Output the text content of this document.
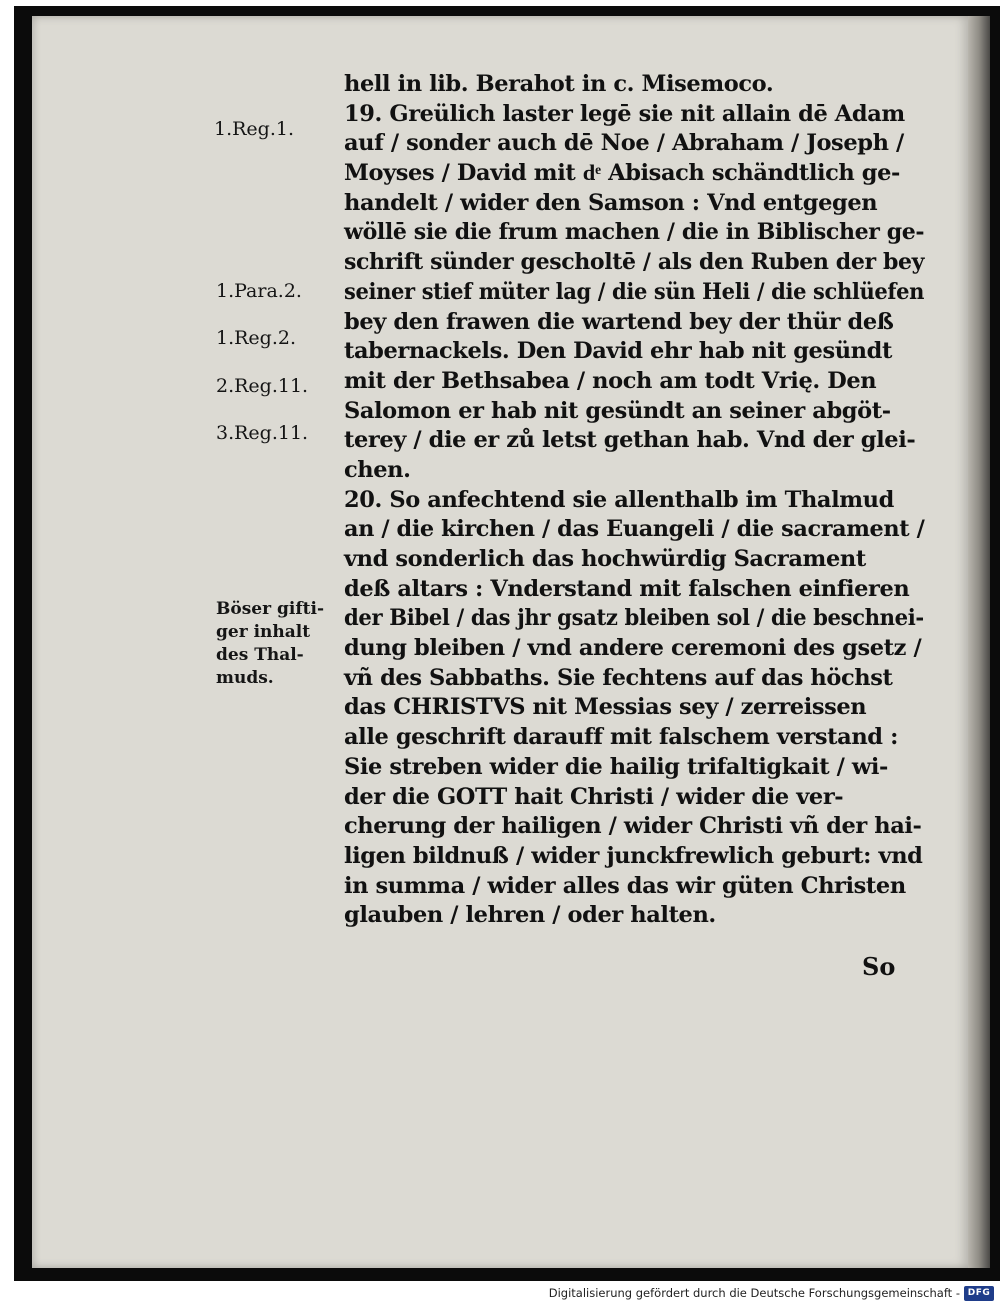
1.Reg.1.
1.Para.2.
1.Reg.2.
2.Reg.11.
3.Reg.11.
Böser gifti-
ger inhalt
des Thal-
muds.
hell in lib. Berahot in c. Misemoco.
19. Greülich laster legē sie nit allain dē Adam
auf / sonder auch dē Noe / Abraham / Joseph /
Moyses / David mit dͤ Abisach schändtlich ge-
handelt / wider den Samson : Vnd entgegen
wöllē sie die frum machen / die in Biblischer ge-
schrift sünder gescholtē / als den Ruben der bey
seiner stief müter lag / die sün Heli / die schlüefen
bey den frawen die wartend bey der thür deß
tabernackels. Den David ehr hab nit gesündt
mit der Bethsabea / noch am todt Vrię. Den
Salomon er hab nit gesündt an seiner abgöt-
terey / die er zů letst gethan hab. Vnd der glei-
chen.
20. So anfechtend sie allenthalb im Thalmud
an / die kirchen / das Euangeli / die sacrament /
vnd sonderlich das hochwürdig Sacrament
deß altars : Vnderstand mit falschen einfieren
der Bibel / das jhr gsatz bleiben sol / die beschnei-
dung bleiben / vnd andere ceremoni des gsetz /
vñ des Sabbaths. Sie fechtens auf das höchst
das CHRISTVS nit Messias sey / zerreissen
alle geschrift darauff mit falschem verstand :
Sie streben wider die hailig trifaltigkait / wi-
der die GOTT hait Christi / wider die ver-
cherung der hailigen / wider Christi vñ der hai-
ligen bildnuß / wider junckfrewlich geburt: vnd
in summa / wider alles das wir güten Christen
glauben / lehren / oder halten.
So
Digitalisierung gefördert durch die Deutsche Forschungsgemeinschaft - DFG
